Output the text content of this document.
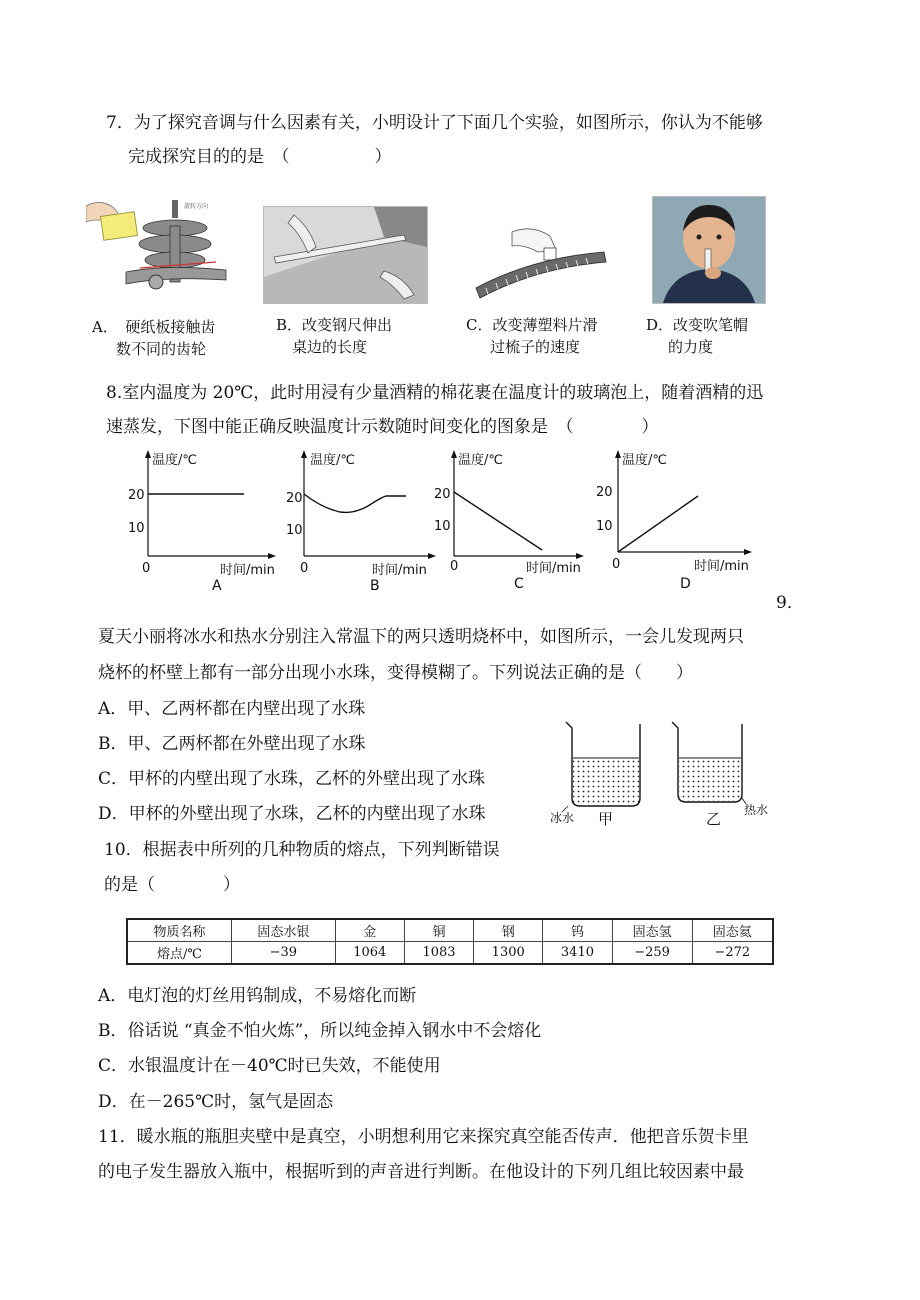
7．为了探究音调与什么因素有关，小明设计了下面几个实验，如图所示，你认为不能够
完成探究目的的是　（　　　　　）
旋转方向
A．　硬纸板接触齿
数不同的齿轮
B．改变钢尺伸出
桌边的长度
C．改变薄塑料片滑
过梳子的速度
D．改变吹笔帽
的力度
8.室内温度为 20℃，此时用浸有少量酒精的棉花裹在温度计的玻璃泡上，随着酒精的迅
速蒸发，下图中能正确反映温度计示数随时间变化的图象是　（　　　　）
温度/℃
20
10
0	时间/min
A
温度/℃
20
10
0	时间/min
B
温度/℃
20
10
0	时间/min
C
温度/℃
20
10
0	时间/min
D
9．
夏天小丽将冰水和热水分别注入常温下的两只透明烧杯中，如图所示，一会儿发现两只
烧杯的杯壁上都有一部分出现小水珠，变得模糊了。下列说法正确的是（　　）
A．甲、乙两杯都在内壁出现了水珠
B．甲、乙两杯都在外壁出现了水珠
C．甲杯的内壁出现了水珠，乙杯的外壁出现了水珠
D．甲杯的外壁出现了水珠，乙杯的内壁出现了水珠	冰水 甲	热水
乙
10．根据表中所列的几种物质的熔点，下列判断错误
的是（　　　　）
物质名称	固态水银	金	铜	钢	钨	固态氢	固态氦
熔点/℃	−39	1064	1083	1300	3410	−259	−272
A．电灯泡的灯丝用钨制成，不易熔化而断
B．俗话说 “真金不怕火炼”，所以纯金掉入钢水中不会熔化
C．水银温度计在－40℃时已失效，不能使用
D．在－265℃时，氢气是固态
11．暖水瓶的瓶胆夹壁中是真空，小明想利用它来探究真空能否传声．他把音乐贺卡里
的电子发生器放入瓶中，根据听到的声音进行判断。在他设计的下列几组比较因素中最
